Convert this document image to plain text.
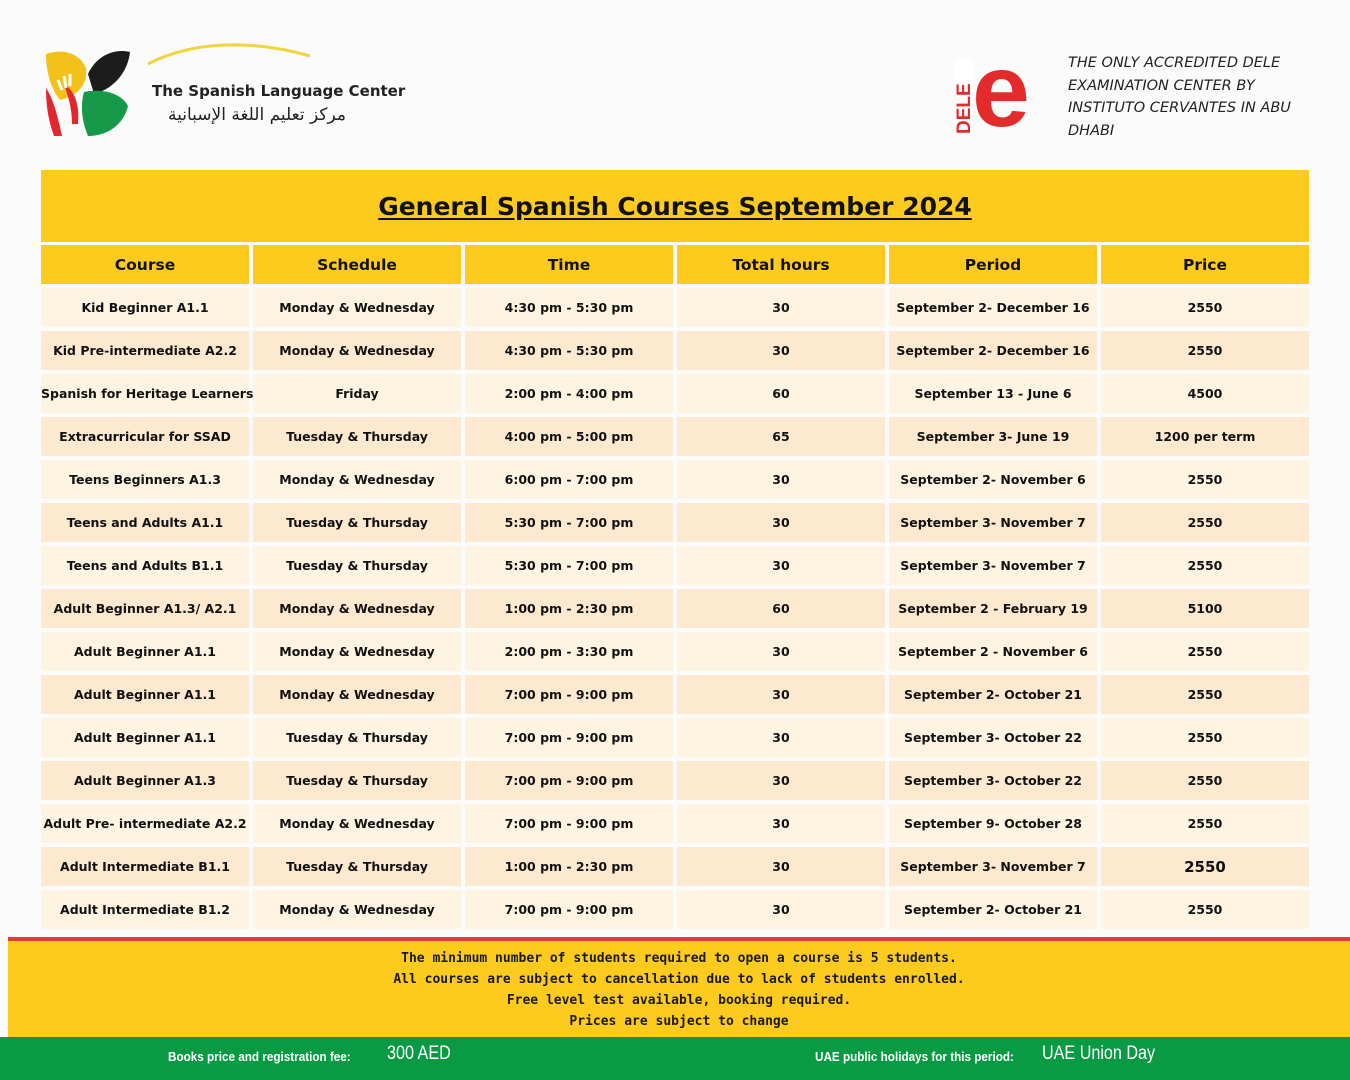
The Spanish Language Center
مركز تعليم اللغة الإسبانية	DELE
e	THE ONLY ACCREDITED DELE EXAMINATION CENTER BY INSTITUTO CERVANTES IN ABU DHABI
General Spanish Courses September 2024
Course	Schedule	Time	Total hours	Period	Price
Kid Beginner A1.1	Monday & Wednesday	4:30 pm - 5:30 pm	30	September 2- December 16	2550
Kid Pre-intermediate A2.2	Monday & Wednesday	4:30 pm - 5:30 pm	30	September 2- December 16	2550
Spanish for Heritage Learners	Friday	2:00 pm - 4:00 pm	60	September 13 - June 6	4500
Extracurricular for SSAD	Tuesday & Thursday	4:00 pm - 5:00 pm	65	September 3- June 19	1200 per term
Teens Beginners A1.3	Monday & Wednesday	6:00 pm - 7:00 pm	30	September 2- November 6	2550
Teens and Adults A1.1	Tuesday & Thursday	5:30 pm - 7:00 pm	30	September 3- November 7	2550
Teens and Adults B1.1	Tuesday & Thursday	5:30 pm - 7:00 pm	30	September 3- November 7	2550
Adult Beginner A1.3/ A2.1	Monday & Wednesday	1:00 pm - 2:30 pm	60	September 2 - February 19	5100
Adult Beginner A1.1	Monday & Wednesday	2:00 pm - 3:30 pm	30	September 2 - November 6	2550
Adult Beginner A1.1	Monday & Wednesday	7:00 pm - 9:00 pm	30	September 2- October 21	2550
Adult Beginner A1.1	Tuesday & Thursday	7:00 pm - 9:00 pm	30	September 3- October 22	2550
Adult Beginner A1.3	Tuesday & Thursday	7:00 pm - 9:00 pm	30	September 3- October 22	2550
Adult Pre- intermediate A2.2	Monday & Wednesday	7:00 pm - 9:00 pm	30	September 9- October 28	2550
Adult Intermediate B1.1	Tuesday & Thursday	1:00 pm - 2:30 pm	30	September 3- November 7	2550
Adult Intermediate B1.2	Monday & Wednesday	7:00 pm - 9:00 pm	30	September 2- October 21	2550
The minimum number of students required to open a course is 5 students.
All courses are subject to cancellation due to lack of students enrolled.
Free level test available, booking required.
Prices are subject to change
Books price and registration fee: 300 AED	UAE public holidays for this period: UAE Union Day
